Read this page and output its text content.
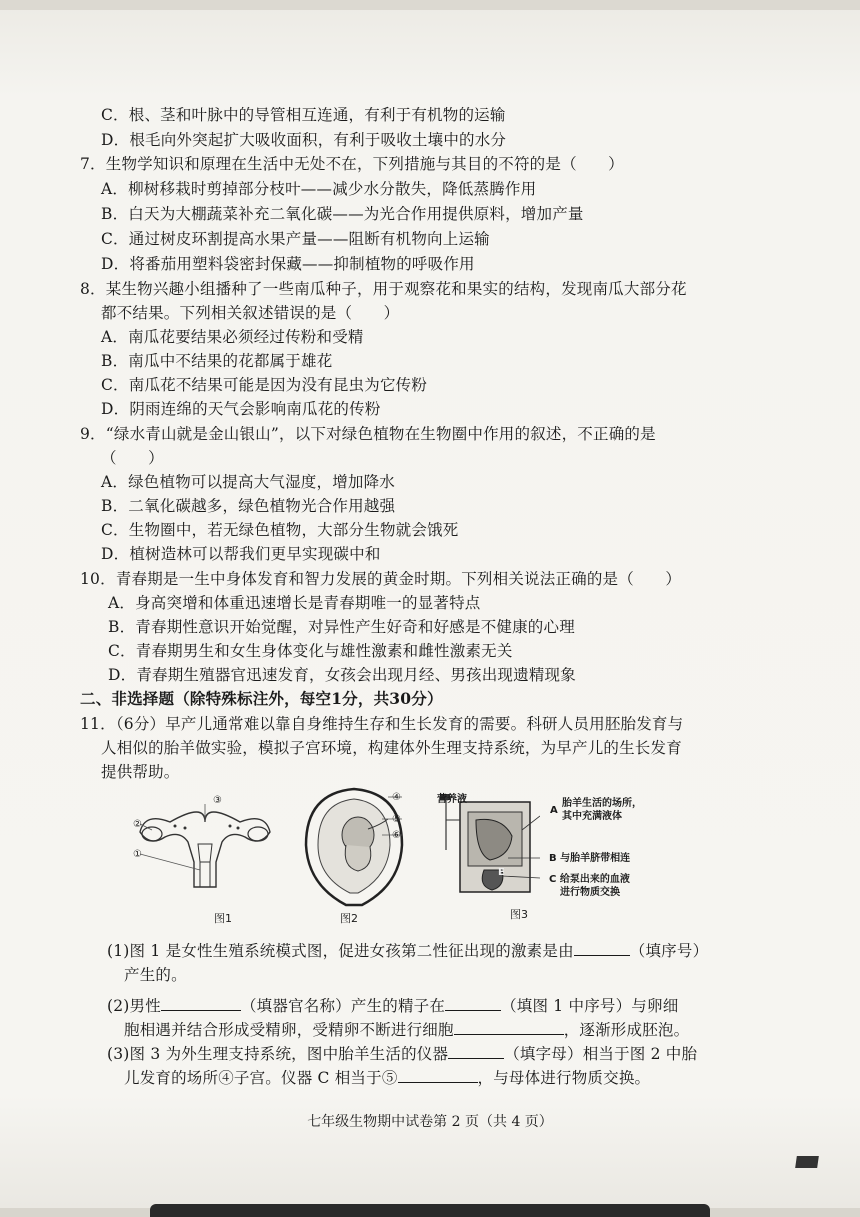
C．根、茎和叶脉中的导管相互连通，有利于有机物的运输
D．根毛向外突起扩大吸收面积，有利于吸收土壤中的水分
7．生物学知识和原理在生活中无处不在，下列措施与其目的不符的是（　　）
A．柳树移栽时剪掉部分枝叶——减少水分散失，降低蒸腾作用
B．白天为大棚蔬菜补充二氧化碳——为光合作用提供原料，增加产量
C．通过树皮环割提高水果产量——阻断有机物向上运输
D．将番茄用塑料袋密封保藏——抑制植物的呼吸作用
8．某生物兴趣小组播种了一些南瓜种子，用于观察花和果实的结构，发现南瓜大部分花
都不结果。下列相关叙述错误的是（　　）
A．南瓜花要结果必须经过传粉和受精
B．南瓜中不结果的花都属于雄花
C．南瓜花不结果可能是因为没有昆虫为它传粉
D．阴雨连绵的天气会影响南瓜花的传粉
9．“绿水青山就是金山银山”，以下对绿色植物在生物圈中作用的叙述，不正确的是
（　　）
A．绿色植物可以提高大气湿度，增加降水
B．二氧化碳越多，绿色植物光合作用越强
C．生物圈中，若无绿色植物，大部分生物就会饿死
D．植树造林可以帮我们更早实现碳中和
10．青春期是一生中身体发育和智力发展的黄金时期。下列相关说法正确的是（　　）
A．身高突增和体重迅速增长是青春期唯一的显著特点
B．青春期性意识开始觉醒，对异性产生好奇和好感是不健康的心理
C．青春期男生和女生身体变化与雄性激素和雌性激素无关
D．青春期生殖器官迅速发育，女孩会出现月经、男孩出现遗精现象
二、非选择题（除特殊标注外，每空1分，共30分）
11．（6分）早产儿通常难以靠自身维持生存和生长发育的需要。科研人员用胚胎发育与
人相似的胎羊做实验，模拟子宫环境，构建体外生理支持系统，为早产儿的生长发育
提供帮助。
③
②
①
图1
④
⑤
⑥
图2
营养液	胎羊生活的场所，
其中充满液体
A
B 与胎羊脐带相连
C 给泵出来的血液
进行物质交换
E
图3
(1)图 1 是女性生殖系统模式图，促进女孩第二性征出现的激素是由	（填序号）
产生的。
(2)男性	（填器官名称）产生的精子在	（填图 1 中序号）与卵细
胞相遇并结合形成受精卵，受精卵不断进行细胞	，逐渐形成胚泡。
(3)图 3 为外生理支持系统，图中胎羊生活的仪器	（填字母）相当于图 2 中胎
儿发育的场所④子宫。仪器 C 相当于⑤	，与母体进行物质交换。
七年级生物期中试卷第 2 页（共 4 页）
